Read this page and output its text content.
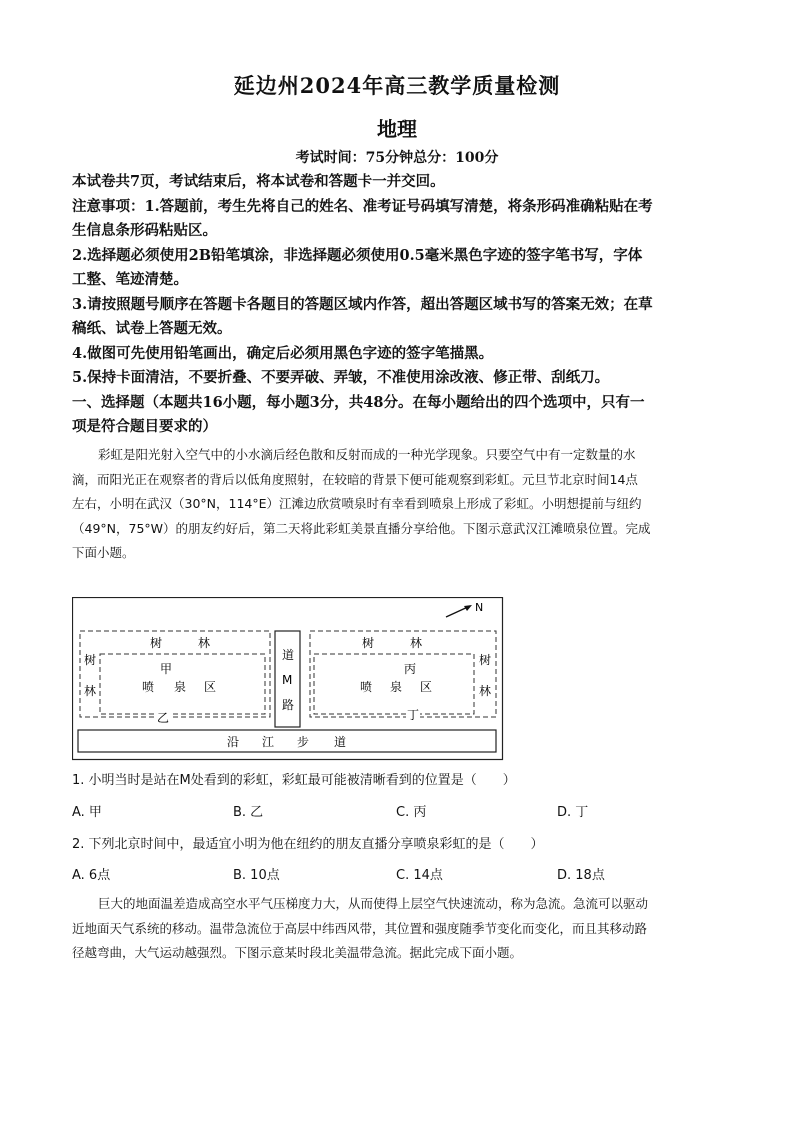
延边州2024年高三教学质量检测
地理
考试时间：75分钟总分：100分
本试卷共7页，考试结束后，将本试卷和答题卡一并交回。
注意事项：1.答题前，考生先将自己的姓名、准考证号码填写清楚，将条形码准确粘贴在考
生信息条形码粘贴区。
2.选择题必须使用2B铅笔填涂，非选择题必须使用0.5毫米黑色字迹的签字笔书写，字体
工整、笔迹清楚。
3.请按照题号顺序在答题卡各题目的答题区域内作答，超出答题区域书写的答案无效；在草
稿纸、试卷上答题无效。
4.做图可先使用铅笔画出，确定后必须用黑色字迹的签字笔描黑。
5.保持卡面清洁，不要折叠、不要弄破、弄皱，不准使用涂改液、修正带、刮纸刀。
一、选择题（本题共16小题，每小题3分，共48分。在每小题给出的四个选项中，只有一
项是符合题目要求的）
彩虹是阳光射入空气中的小水滴后经色散和反射而成的一种光学现象。只要空气中有一定数量的水
滴，而阳光正在观察者的背后以低角度照射，在较暗的背景下便可能观察到彩虹。元旦节北京时间14点
左右，小明在武汉（30°N，114°E）江滩边欣赏喷泉时有幸看到喷泉上形成了彩虹。小明想提前与纽约
（49°N，75°W）的朋友约好后，第二天将此彩虹美景直播分享给他。下图示意武汉江滩喷泉位置。完成
下面小题。
N
树	林
树
林
甲
喷 泉 区
乙
道
M
路
树	林
树
林
丙
喷 泉 区
丁
沿 江 步 道
1. 小明当时是站在M处看到的彩虹，彩虹最可能被清晰看到的位置是（　　）
A. 甲	B. 乙	C. 丙	D. 丁
2. 下列北京时间中，最适宜小明为他在纽约的朋友直播分享喷泉彩虹的是（　　）
A. 6点	B. 10点	C. 14点	D. 18点
巨大的地面温差造成高空水平气压梯度力大，从而使得上层空气快速流动，称为急流。急流可以驱动
近地面天气系统的移动。温带急流位于高层中纬西风带，其位置和强度随季节变化而变化，而且其移动路
径越弯曲，大气运动越强烈。下图示意某时段北美温带急流。据此完成下面小题。
